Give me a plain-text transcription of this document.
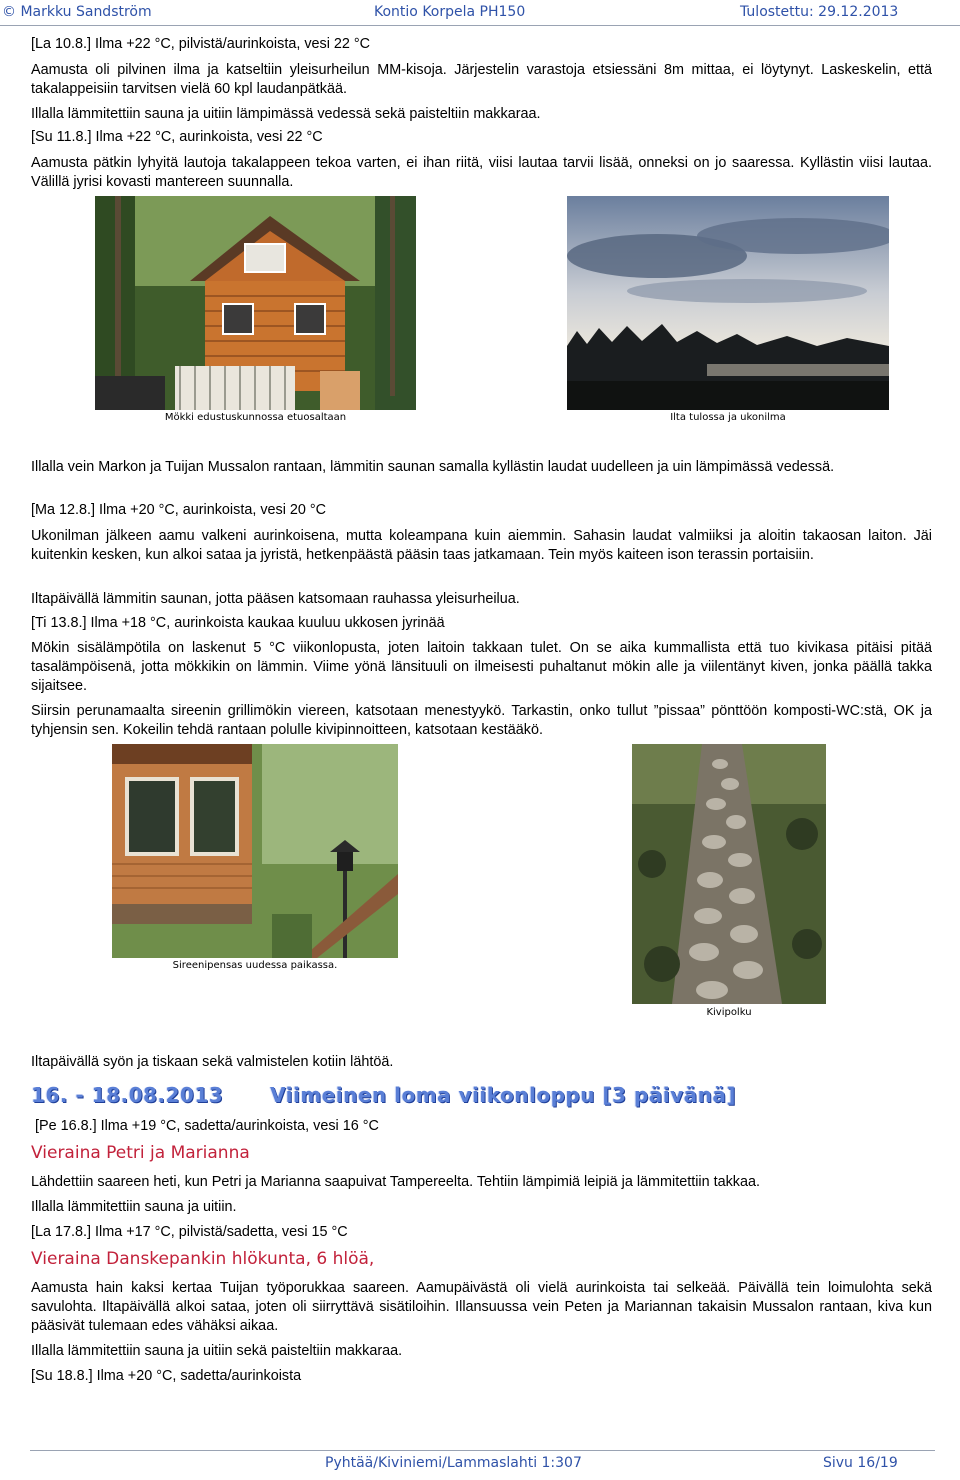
© Markku Sandström	Kontio Korpela PH150	Tulostettu: 29.12.2013

[La 10.8.] Ilma +22 °C, pilvistä/aurinkoista, vesi 22 °C

Aamusta oli pilvinen ilma ja katseltiin yleisurheilun MM-kisoja. Järjestelin varastoja etsiessäni 8m mittaa, ei löytynyt. Laskeskelin, että takalappeisiin tarvitsen vielä 60 kpl laudanpätkää.

Illalla lämmitettiin sauna ja uitiin lämpimässä vedessä sekä paisteltiin makkaraa.

[Su 11.8.] Ilma +22 °C, aurinkoista, vesi 22 °C

Aamusta pätkin lyhyitä lautoja takalappeen tekoa varten, ei ihan riitä, viisi lautaa tarvii lisää, onneksi on jo saaressa. Kyllästin viisi lautaa. Välillä jyrisi kovasti mantereen suunnalla.

Mökki edustuskunnossa etuosaltaan	Ilta tulossa ja ukonilma

Illalla vein Markon ja Tuijan Mussalon rantaan, lämmitin saunan samalla kyllästin laudat uudelleen ja uin lämpimässä vedessä.

[Ma 12.8.] Ilma +20 °C, aurinkoista, vesi 20 °C

Ukonilman jälkeen aamu valkeni aurinkoisena, mutta koleampana kuin aiemmin. Sahasin laudat valmiiksi ja aloitin takaosan laiton. Jäi kuitenkin kesken, kun alkoi sataa ja jyristä, hetkenpäästä pääsin taas jatkamaan. Tein myös kaiteen ison terassin portaisiin.

Iltapäivällä lämmitin saunan, jotta pääsen katsomaan rauhassa yleisurheilua.

[Ti 13.8.] Ilma +18 °C, aurinkoista kaukaa kuuluu ukkosen jyrinää

Mökin sisälämpötila on laskenut 5 °C viikonlopusta, joten laitoin takkaan tulet. On se aika kummallista että tuo kivikasa pitäisi pitää tasalämpöisenä, jotta mökkikin on lämmin. Viime yönä länsituuli on ilmeisesti puhaltanut mökin alle ja viilentänyt kiven, jonka päällä takka sijaitsee.

Siirsin perunamaalta sireenin grillimökin viereen, katsotaan menestyykö. Tarkastin, onko tullut ”pissaa” pönttöön komposti-WC:stä, OK ja tyhjensin sen. Kokeilin tehdä rantaan polulle kivipinnoitteen, katsotaan kestääkö.

Sireenipensas uudessa paikassa.
Kivipolku

Iltapäivällä syön ja tiskaan sekä valmistelen kotiin lähtöä.

16. - 18.08.2013 Viimeinen loma viikonloppu [3 päivänä]

[Pe 16.8.] Ilma +19 °C, sadetta/aurinkoista, vesi 16 °C

Vieraina Petri ja Marianna

Lähdettiin saareen heti, kun Petri ja Marianna saapuivat Tampereelta. Tehtiin lämpimiä leipiä ja lämmitettiin takkaa.

Illalla lämmitettiin sauna ja uitiin.

[La 17.8.] Ilma +17 °C, pilvistä/sadetta, vesi 15 °C

Vieraina Danskepankin hlökunta, 6 hlöä,

Aamusta hain kaksi kertaa Tuijan työporukkaa saareen. Aamupäivästä oli vielä aurinkoista tai selkeää. Päivällä tein loimulohta sekä savulohta. Iltapäivällä alkoi sataa, joten oli siirryttävä sisätiloihin. Illansuussa vein Peten ja Mariannan takaisin Mussalon rantaan, kiva kun pääsivät tulemaan edes vähäksi aikaa.

Illalla lämmitettiin sauna ja uitiin sekä paisteltiin makkaraa.

[Su 18.8.] Ilma +20 °C, sadetta/aurinkoista

Pyhtää/Kiviniemi/Lammaslahti 1:307	Sivu 16/19
